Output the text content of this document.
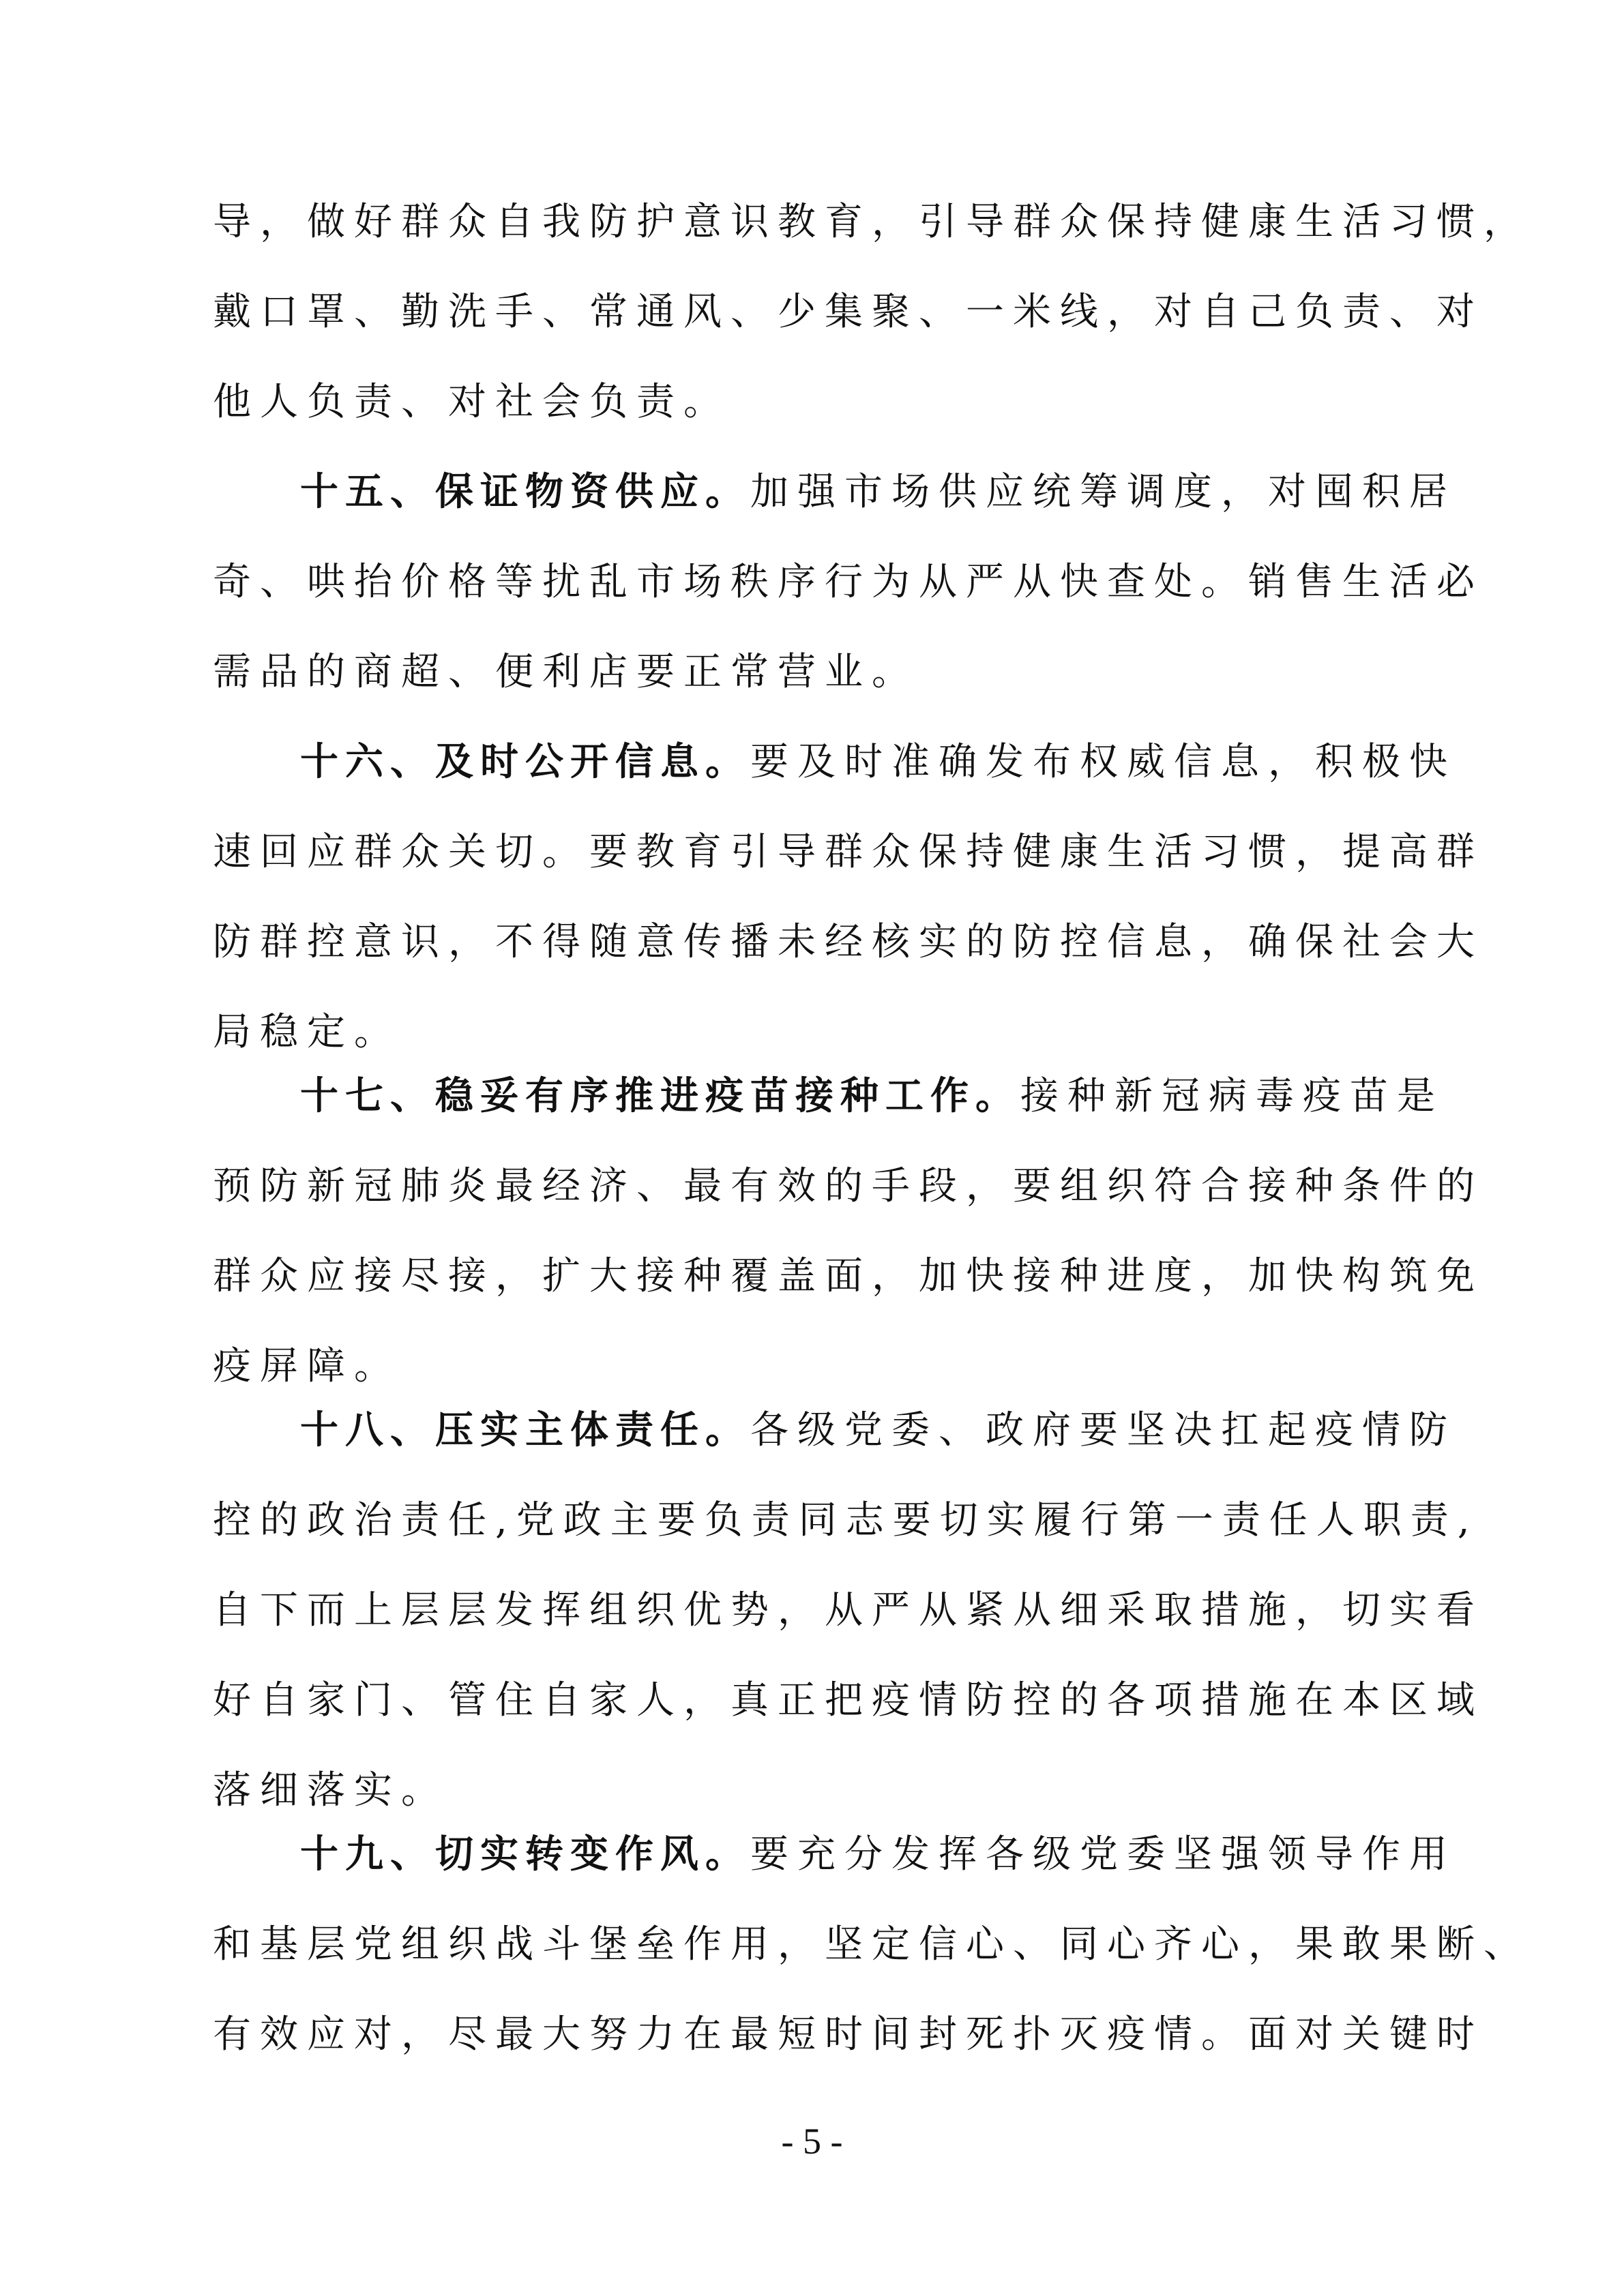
导，做好群众自我防护意识教育，引导群众保持健康生活习惯，
戴口罩、勤洗手、常通风、少集聚、一米线，对自己负责、对
他人负责、对社会负责。
十五、保证物资供应。加强市场供应统筹调度，对囤积居
奇、哄抬价格等扰乱市场秩序行为从严从快查处。销售生活必
需品的商超、便利店要正常营业。
十六、及时公开信息。要及时准确发布权威信息，积极快
速回应群众关切。要教育引导群众保持健康生活习惯，提高群
防群控意识，不得随意传播未经核实的防控信息，确保社会大
局稳定。
十七、稳妥有序推进疫苗接种工作。接种新冠病毒疫苗是
预防新冠肺炎最经济、最有效的手段，要组织符合接种条件的
群众应接尽接，扩大接种覆盖面，加快接种进度，加快构筑免
疫屏障。
十八、压实主体责任。各级党委、政府要坚决扛起疫情防
控的政治责任,党政主要负责同志要切实履行第一责任人职责,
自下而上层层发挥组织优势，从严从紧从细采取措施，切实看
好自家门、管住自家人，真正把疫情防控的各项措施在本区域
落细落实。
十九、切实转变作风。要充分发挥各级党委坚强领导作用
和基层党组织战斗堡垒作用，坚定信心、同心齐心，果敢果断、
有效应对，尽最大努力在最短时间封死扑灭疫情。面对关键时
- 5 -
